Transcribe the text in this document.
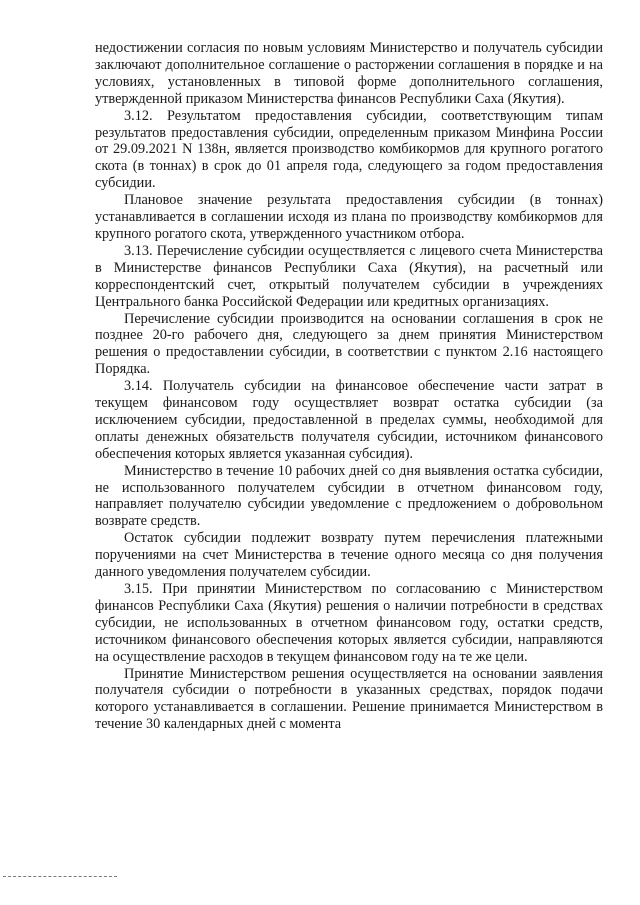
недостижении согласия по новым условиям Министерство и получатель субсидии заключают дополнительное соглашение о расторжении соглашения в порядке и на условиях, установленных в типовой форме дополнительного соглашения, утвержденной приказом Министерства финансов Республики Саха (Якутия).

3.12. Результатом предоставления субсидии, соответствующим типам результатов предоставления субсидии, определенным приказом Минфина России от 29.09.2021 N 138н, является производство комбикормов для крупного рогатого скота (в тоннах) в срок до 01 апреля года, следующего за годом предоставления субсидии.

Плановое значение результата предоставления субсидии (в тоннах) устанавливается в соглашении исходя из плана по производству комбикормов для крупного рогатого скота, утвержденного участником отбора.

3.13. Перечисление субсидии осуществляется с лицевого счета Министерства в Министерстве финансов Республики Саха (Якутия), на расчетный или корреспондентский счет, открытый получателем субсидии в учреждениях Центрального банка Российской Федерации или кредитных организациях.

Перечисление субсидии производится на основании соглашения в срок не позднее 20-го рабочего дня, следующего за днем принятия Министерством решения о предоставлении субсидии, в соответствии с пунктом 2.16 настоящего Порядка.

3.14. Получатель субсидии на финансовое обеспечение части затрат в текущем финансовом году осуществляет возврат остатка субсидии (за исключением субсидии, предоставленной в пределах суммы, необходимой для оплаты денежных обязательств получателя субсидии, источником финансового обеспечения которых является указанная субсидия).

Министерство в течение 10 рабочих дней со дня выявления остатка субсидии, не использованного получателем субсидии в отчетном финансовом году, направляет получателю субсидии уведомление с предложением о добровольном возврате средств.

Остаток субсидии подлежит возврату путем перечисления платежными поручениями на счет Министерства в течение одного месяца со дня получения данного уведомления получателем субсидии.

3.15. При принятии Министерством по согласованию с Министерством финансов Республики Саха (Якутия) решения о наличии потребности в средствах субсидии, не использованных в отчетном финансовом году, остатки средств, источником финансового обеспечения которых является субсидии, направляются на осуществление расходов в текущем финансовом году на те же цели.

Принятие Министерством решения осуществляется на основании заявления получателя субсидии о потребности в указанных средствах, порядок подачи которого устанавливается в соглашении. Решение принимается Министерством в течение 30 календарных дней с момента
